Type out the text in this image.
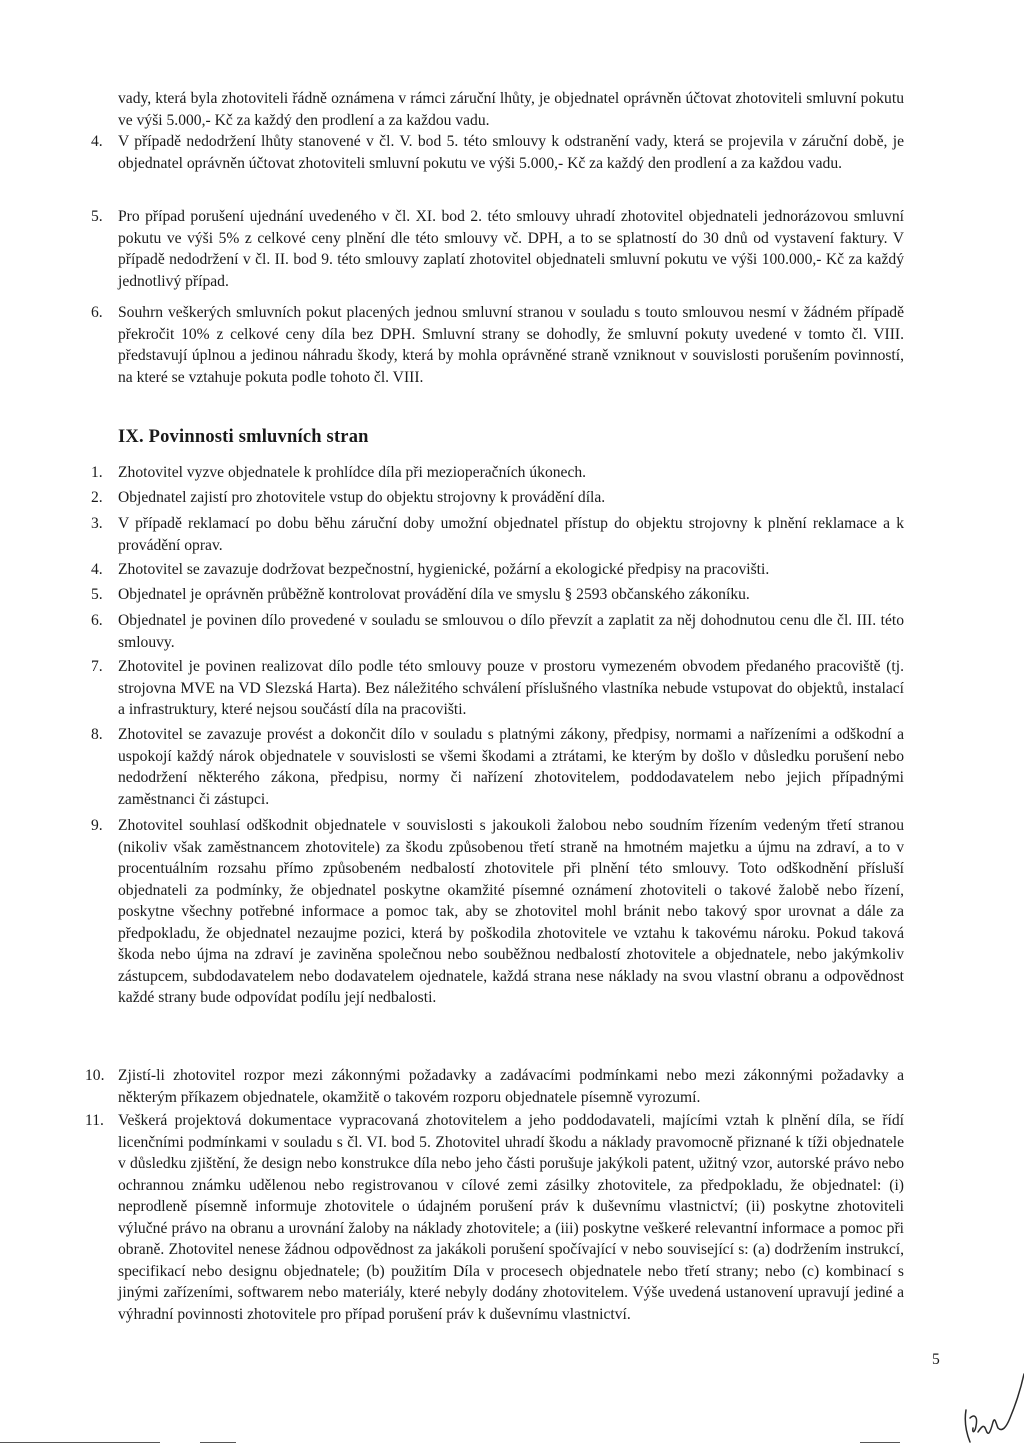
vady, která byla zhotoviteli řádně oznámena v rámci záruční lhůty, je objednatel oprávněn účtovat zhotoviteli smluvní pokutu ve výši 5.000,- Kč za každý den prodlení a za každou vadu.
4. V případě nedodržení lhůty stanovené v čl. V. bod 5. této smlouvy k odstranění vady, která se projevila v záruční době, je objednatel oprávněn účtovat zhotoviteli smluvní pokutu ve výši 5.000,- Kč za každý den prodlení a za každou vadu.
5. Pro případ porušení ujednání uvedeného v čl. XI. bod 2. této smlouvy uhradí zhotovitel objednateli jednorázovou smluvní pokutu ve výši 5% z celkové ceny plnění dle této smlouvy vč. DPH, a to se splatností do 30 dnů od vystavení faktury. V případě nedodržení v čl. II. bod 9. této smlouvy zaplatí zhotovitel objednateli smluvní pokutu ve výši 100.000,- Kč za každý jednotlivý případ.
6. Souhrn veškerých smluvních pokut placených jednou smluvní stranou v souladu s touto smlouvou nesmí v žádném případě překročit 10% z celkové ceny díla bez DPH. Smluvní strany se dohodly, že smluvní pokuty uvedené v tomto čl. VIII. představují úplnou a jedinou náhradu škody, která by mohla oprávněné straně vzniknout v souvislosti porušením povinností, na které se vztahuje pokuta podle tohoto čl. VIII.
IX. Povinnosti smluvních stran
1. Zhotovitel vyzve objednatele k prohlídce díla při mezioperačních úkonech.
2. Objednatel zajistí pro zhotovitele vstup do objektu strojovny k provádění díla.
3. V případě reklamací po dobu běhu záruční doby umožní objednatel přístup do objektu strojovny k plnění reklamace a k provádění oprav.
4. Zhotovitel se zavazuje dodržovat bezpečnostní, hygienické, požární a ekologické předpisy na pracovišti.
5. Objednatel je oprávněn průběžně kontrolovat provádění díla ve smyslu § 2593 občanského zákoníku.
6. Objednatel je povinen dílo provedené v souladu se smlouvou o dílo převzít a zaplatit za něj dohodnutou cenu dle čl. III. této smlouvy.
7. Zhotovitel je povinen realizovat dílo podle této smlouvy pouze v prostoru vymezeném obvodem předaného pracoviště (tj. strojovna MVE na VD Slezská Harta). Bez náležitého schválení příslušného vlastníka nebude vstupovat do objektů, instalací a infrastruktury, které nejsou součástí díla na pracovišti.
8. Zhotovitel se zavazuje provést a dokončit dílo v souladu s platnými zákony, předpisy, normami a nařízeními a odškodní a uspokojí každý nárok objednatele v souvislosti se všemi škodami a ztrátami, ke kterým by došlo v důsledku porušení nebo nedodržení některého zákona, předpisu, normy či nařízení zhotovitelem, poddodavatelem nebo jejich případnými zaměstnanci či zástupci.
9. Zhotovitel souhlasí odškodnit objednatele v souvislosti s jakoukoli žalobou nebo soudním řízením vedeným třetí stranou (nikoliv však zaměstnancem zhotovitele) za škodu způsobenou třetí straně na hmotném majetku a újmu na zdraví, a to v procentuálním rozsahu přímo způsobeném nedbalostí zhotovitele při plnění této smlouvy. Toto odškodnění přísluší objednateli za podmínky, že objednatel poskytne okamžité písemné oznámení zhotoviteli o takové žalobě nebo řízení, poskytne všechny potřebné informace a pomoc tak, aby se zhotovitel mohl bránit nebo takový spor urovnat a dále za předpokladu, že objednatel nezaujme pozici, která by poškodila zhotovitele ve vztahu k takovému nároku. Pokud taková škoda nebo újma na zdraví je zaviněna společnou nebo souběžnou nedbalostí zhotovitele a objednatele, nebo jakýmkoliv zástupcem, subdodavatelem nebo dodavatelem ojednatele, každá strana nese náklady na svou vlastní obranu a odpovědnost každé strany bude odpovídat podílu její nedbalosti.
10. Zjistí-li zhotovitel rozpor mezi zákonnými požadavky a zadávacími podmínkami nebo mezi zákonnými požadavky a některým příkazem objednatele, okamžitě o takovém rozporu objednatele písemně vyrozumí.
11. Veškerá projektová dokumentace vypracovaná zhotovitelem a jeho poddodavateli, majícími vztah k plnění díla, se řídí licenčními podmínkami v souladu s čl. VI. bod 5. Zhotovitel uhradí škodu a náklady pravomocně přiznané k tíži objednatele v důsledku zjištění, že design nebo konstrukce díla nebo jeho části porušuje jakýkoli patent, užitný vzor, autorské právo nebo ochrannou známku udělenou nebo registrovanou v cílové zemi zásilky zhotovitele, za předpokladu, že objednatel: (i) neprodleně písemně informuje zhotovitele o údajném porušení práv k duševnímu vlastnictví; (ii) poskytne zhotoviteli výlučné právo na obranu a urovnání žaloby na náklady zhotovitele; a (iii) poskytne veškeré relevantní informace a pomoc při obraně. Zhotovitel nenese žádnou odpovědnost za jakákoli porušení spočívající v nebo související s: (a) dodržením instrukcí, specifikací nebo designu objednatele; (b) použitím Díla v procesech objednatele nebo třetí strany; nebo (c) kombinací s jinými zařízeními, softwarem nebo materiály, které nebyly dodány zhotovitelem. Výše uvedená ustanovení upravují jediné a výhradní povinnosti zhotovitele pro případ porušení práv k duševnímu vlastnictví.
5
